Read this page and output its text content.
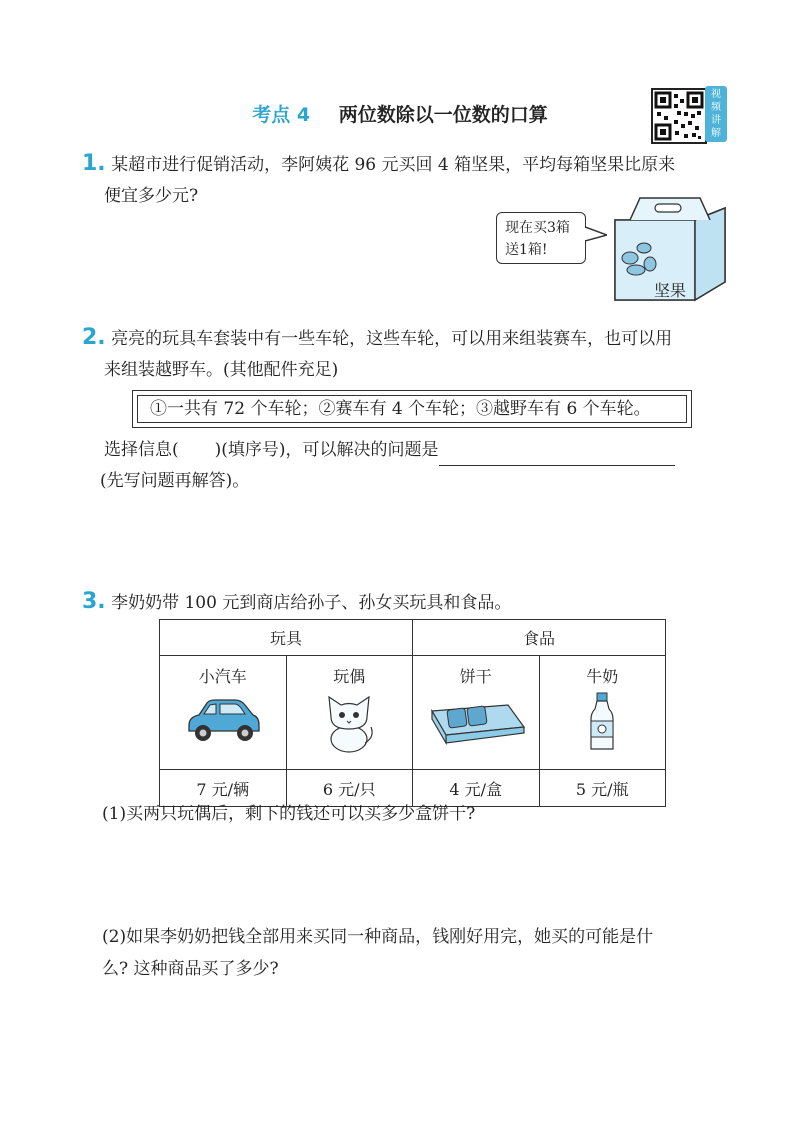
考点 4 两位数除以一位数的口算
视频讲解
1. 某超市进行促销活动，李阿姨花 96 元买回 4 箱坚果，平均每箱坚果比原来
便宜多少元?
现在买3箱
送1箱!
坚果
2. 亮亮的玩具车套装中有一些车轮，这些车轮，可以用来组装赛车，也可以用
来组装越野车。(其他配件充足)
①一共有 72 个车轮；②赛车有 4 个车轮；③越野车有 6 个车轮。
选择信息( )(填序号)，可以解决的问题是
(先写问题再解答)。
3. 李奶奶带 100 元到商店给孙子、孙女买玩具和食品。
玩具		食品	

小汽车	玩偶	饼干	牛奶

7 元/辆	6 元/只	4 元/盒	5 元/瓶
(1)买两只玩偶后，剩下的钱还可以买多少盒饼干?
(2)如果李奶奶把钱全部用来买同一种商品，钱刚好用完，她买的可能是什
么? 这种商品买了多少?
